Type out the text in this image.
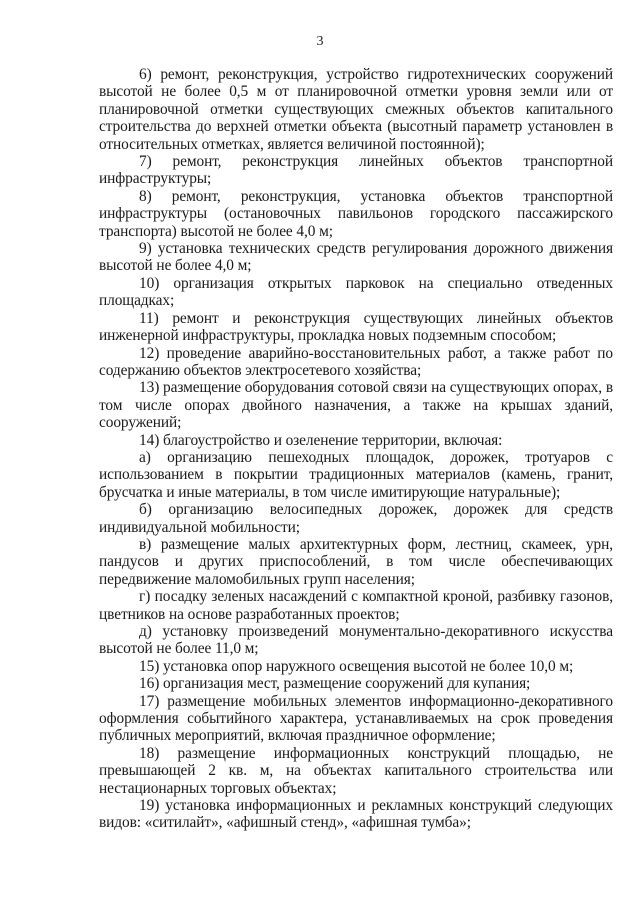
3

6) ремонт, реконструкция, устройство гидротехнических сооружений высотой не более 0,5 м от планировочной отметки уровня земли или от планировочной отметки существующих смежных объектов капитального строительства до верхней отметки объекта (высотный параметр установлен в относительных отметках, является величиной постоянной);

7) ремонт, реконструкция линейных объектов транспортной инфраструктуры;

8) ремонт, реконструкция, установка объектов транспортной инфраструктуры (остановочных павильонов городского пассажирского транспорта) высотой не более 4,0 м;

9) установка технических средств регулирования дорожного движения высотой не более 4,0 м;

10) организация открытых парковок на специально отведенных площадках;

11) ремонт и реконструкция существующих линейных объектов инженерной инфраструктуры, прокладка новых подземным способом;

12) проведение аварийно-восстановительных работ, а также работ по содержанию объектов электросетевого хозяйства;

13) размещение оборудования сотовой связи на существующих опорах, в том числе опорах двойного назначения, а также на крышах зданий, сооружений;

14) благоустройство и озеленение территории, включая:

а) организацию пешеходных площадок, дорожек, тротуаров с использованием в покрытии традиционных материалов (камень, гранит, брусчатка и иные материалы, в том числе имитирующие натуральные);

б) организацию велосипедных дорожек, дорожек для средств индивидуальной мобильности;

в) размещение малых архитектурных форм, лестниц, скамеек, урн, пандусов и других приспособлений, в том числе обеспечивающих передвижение маломобильных групп населения;

г) посадку зеленых насаждений с компактной кроной, разбивку газонов, цветников на основе разработанных проектов;

д) установку произведений монументально-декоративного искусства высотой не более 11,0 м;

15) установка опор наружного освещения высотой не более 10,0 м;

16) организация мест, размещение сооружений для купания;

17) размещение мобильных элементов информационно-декоративного оформления событийного характера, устанавливаемых на срок проведения публичных мероприятий, включая праздничное оформление;

18) размещение информационных конструкций площадью, не превышающей 2 кв. м, на объектах капитального строительства или нестационарных торговых объектах;

19) установка информационных и рекламных конструкций следующих видов: «ситилайт», «афишный стенд», «афишная тумба»;
